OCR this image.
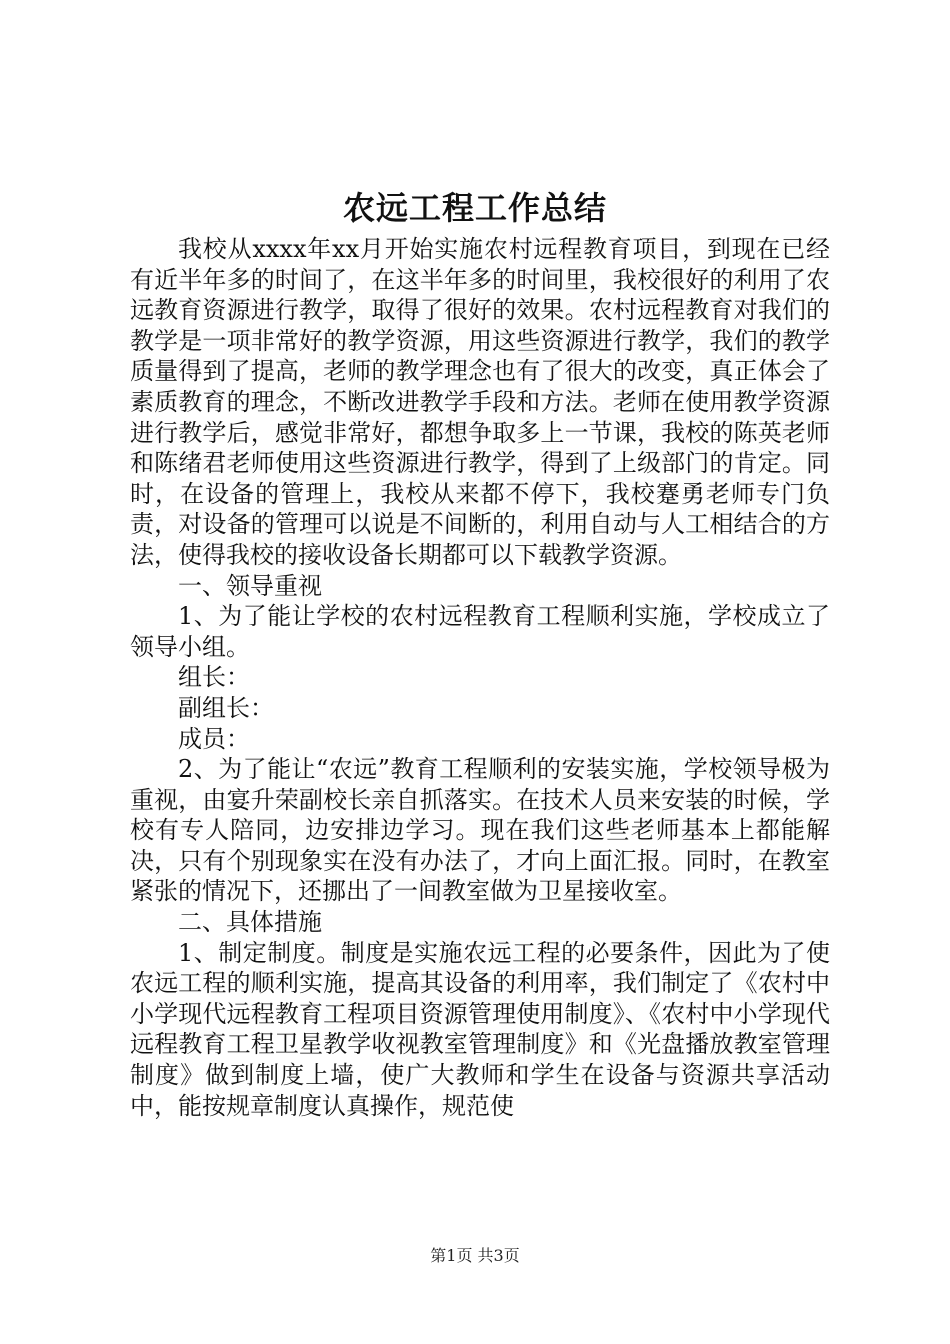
农远工程工作总结

我校从xxxx年xx月开始实施农村远程教育项目，到现在已经有近半年多的时间了，在这半年多的时间里，我校很好的利用了农远教育资源进行教学，取得了很好的效果。农村远程教育对我们的教学是一项非常好的教学资源，用这些资源进行教学，我们的教学质量得到了提高，老师的教学理念也有了很大的改变，真正体会了素质教育的理念，不断改进教学手段和方法。老师在使用教学资源进行教学后，感觉非常好，都想争取多上一节课，我校的陈英老师和陈绪君老师使用这些资源进行教学，得到了上级部门的肯定。同时，在设备的管理上，我校从来都不停下，我校蹇勇老师专门负责，对设备的管理可以说是不间断的，利用自动与人工相结合的方法，使得我校的接收设备长期都可以下载教学资源。

一、领导重视

1、为了能让学校的农村远程教育工程顺利实施，学校成立了领导小组。

组长：

副组长：

成员：

2、为了能让“农远”教育工程顺利的安装实施，学校领导极为重视，由宴升荣副校长亲自抓落实。在技术人员来安装的时候，学校有专人陪同，边安排边学习。现在我们这些老师基本上都能解决，只有个别现象实在没有办法了，才向上面汇报。同时，在教室紧张的情况下，还挪出了一间教室做为卫星接收室。

二、具体措施

1、制定制度。制度是实施农远工程的必要条件，因此为了使农远工程的顺利实施，提高其设备的利用率，我们制定了《农村中小学现代远程教育工程项目资源管理使用制度》、《农村中小学现代远程教育工程卫星教学收视教室管理制度》和《光盘播放教室管理制度》做到制度上墙，使广大教师和学生在设备与资源共享活动中，能按规章制度认真操作，规范使

第1页 共3页
